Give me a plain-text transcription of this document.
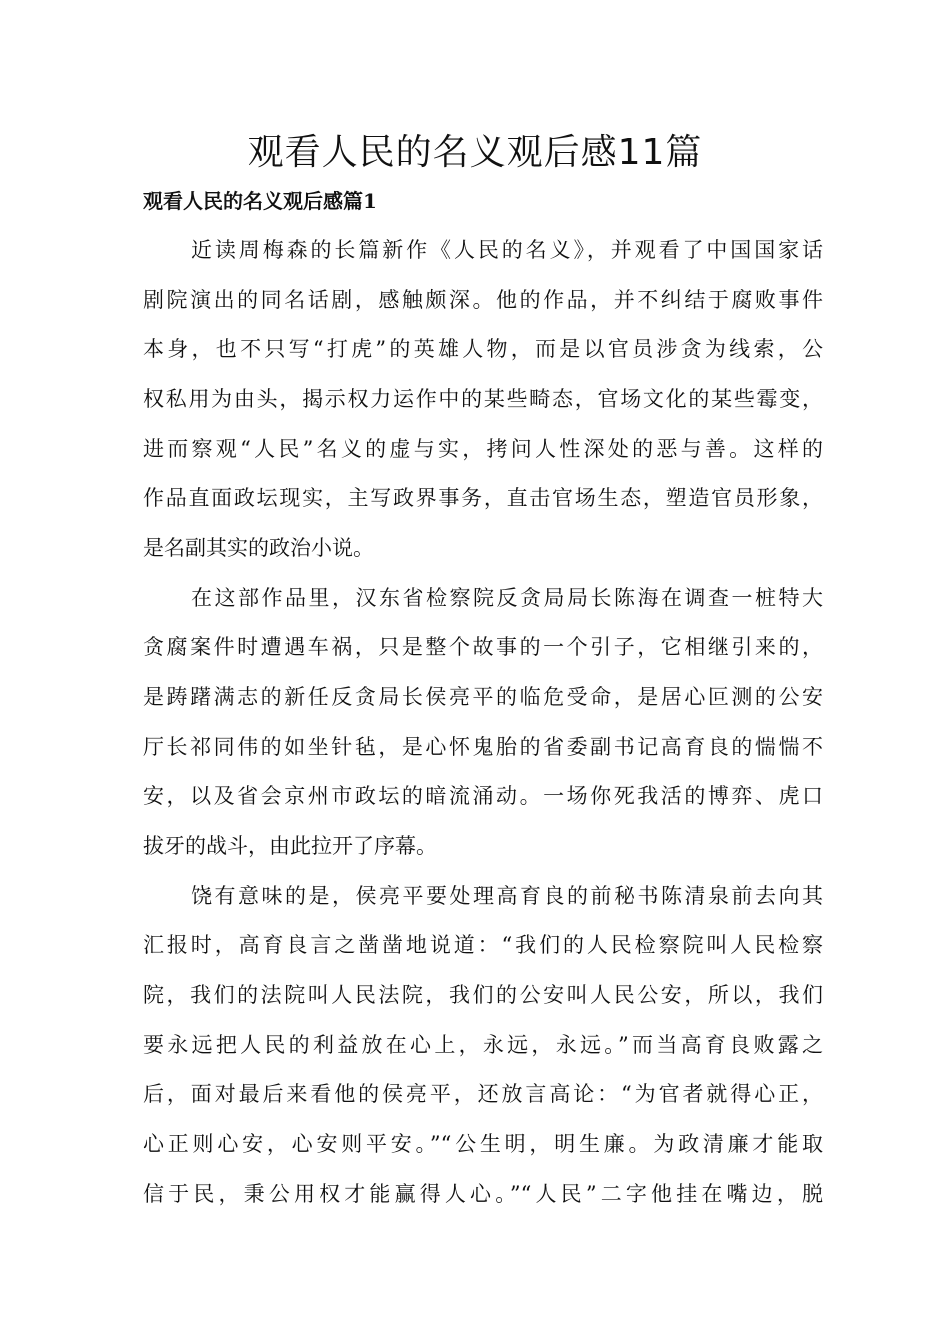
观看人民的名义观后感11篇
观看人民的名义观后感篇1

近读周梅森的长篇新作《人民的名义》，并观看了中国国家话

剧院演出的同名话剧，感触颇深。他的作品，并不纠结于腐败事件

本身，也不只写“打虎”的英雄人物，而是以官员涉贪为线索，公

权私用为由头，揭示权力运作中的某些畸态，官场文化的某些霉变，

进而察观“人民”名义的虚与实，拷问人性深处的恶与善。这样的

作品直面政坛现实，主写政界事务，直击官场生态，塑造官员形象，

是名副其实的政治小说。

在这部作品里，汉东省检察院反贪局局长陈海在调查一桩特大

贪腐案件时遭遇车祸，只是整个故事的一个引子，它相继引来的，

是踌躇满志的新任反贪局长侯亮平的临危受命，是居心叵测的公安

厅长祁同伟的如坐针毡，是心怀鬼胎的省委副书记高育良的惴惴不

安，以及省会京州市政坛的暗流涌动。一场你死我活的博弈、虎口

拔牙的战斗，由此拉开了序幕。

饶有意味的是，侯亮平要处理高育良的前秘书陈清泉前去向其

汇报时，高育良言之凿凿地说道：“我们的人民检察院叫人民检察

院，我们的法院叫人民法院，我们的公安叫人民公安，所以，我们

要永远把人民的利益放在心上，永远，永远。”而当高育良败露之

后，面对最后来看他的侯亮平，还放言高论：“为官者就得心正，

心正则心安，心安则平安。”“公生明，明生廉。为政清廉才能取

信于民，秉公用权才能赢得人心。”“人民”二字他挂在嘴边，脱
